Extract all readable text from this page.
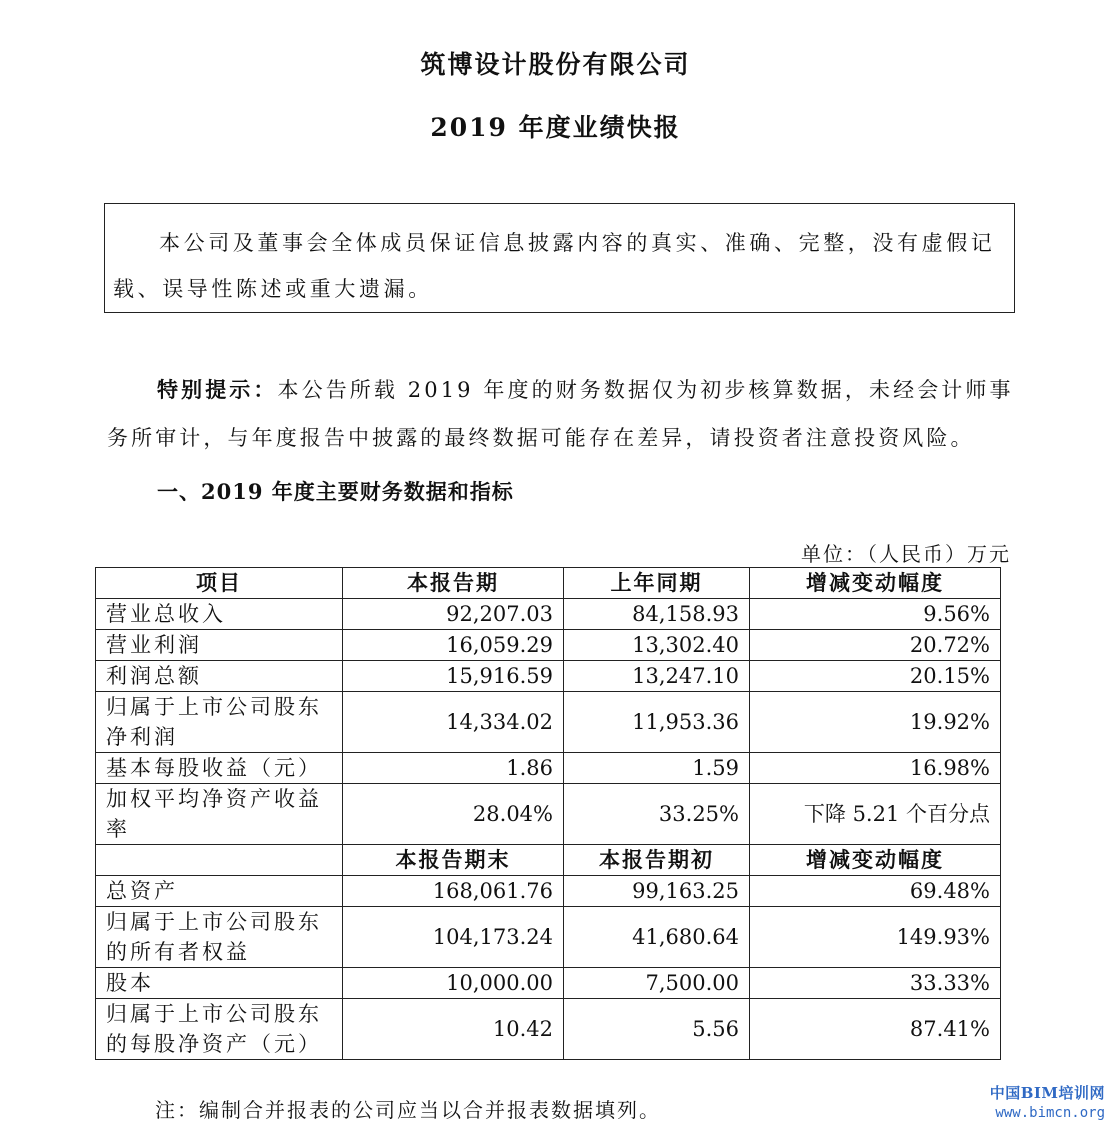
筑博设计股份有限公司
2019 年度业绩快报
本公司及董事会全体成员保证信息披露内容的真实、准确、完整，没有虚假记载、误导性陈述或重大遗漏。
特别提示：本公告所载 2019 年度的财务数据仅为初步核算数据，未经会计师事务所审计，与年度报告中披露的最终数据可能存在差异，请投资者注意投资风险。
一、2019 年度主要财务数据和指标
单位：（人民币）万元
项目	本报告期	上年同期	增减变动幅度
营业总收入	92,207.03	84,158.93	9.56%
营业利润	16,059.29	13,302.40	20.72%
利润总额	15,916.59	13,247.10	20.15%
归属于上市公司股东净利润	14,334.02	11,953.36	19.92%
基本每股收益（元）	1.86	1.59	16.98%
加权平均净资产收益率	28.04%	33.25%	下降 5.21 个百分点
	本报告期末	本报告期初	增减变动幅度
总资产	168,061.76	99,163.25	69.48%
归属于上市公司股东的所有者权益	104,173.24	41,680.64	149.93%
股本	10,000.00	7,500.00	33.33%
归属于上市公司股东的每股净资产（元）	10.42	5.56	87.41%
注：编制合并报表的公司应当以合并报表数据填列。
中国BIM培训网
www.bimcn.org
